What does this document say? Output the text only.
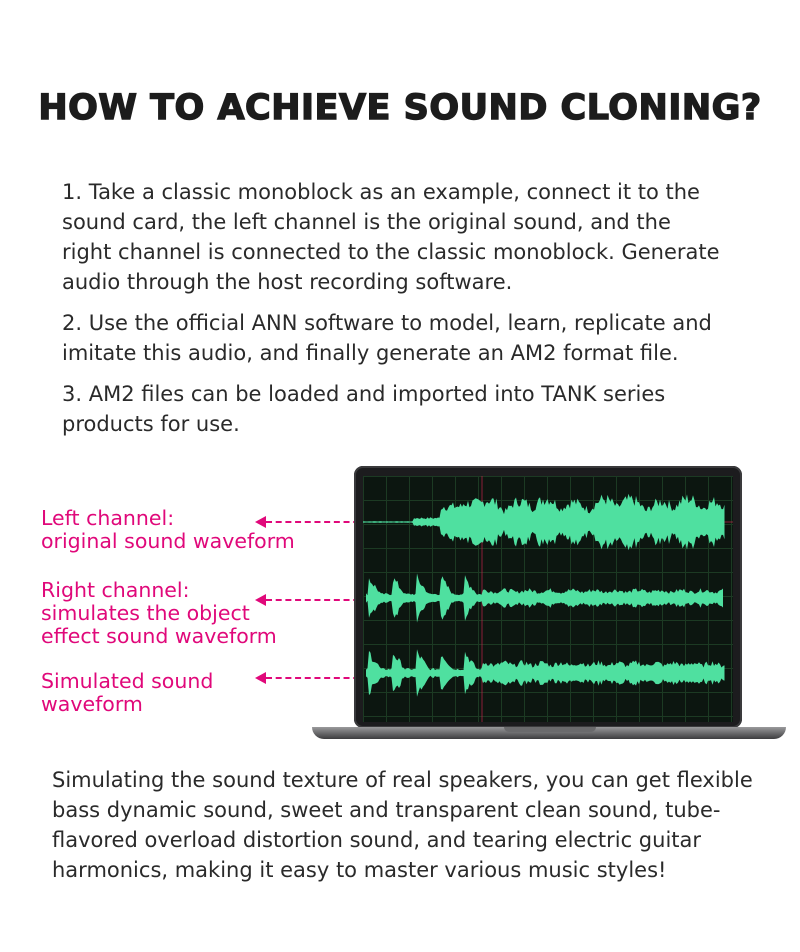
HOW TO ACHIEVE SOUND CLONING?

1. Take a classic monoblock as an example, connect it to the sound card, the left channel is the original sound, and the right channel is connected to the classic monoblock. Generate audio through the host recording software.

2. Use the official ANN software to model, learn, replicate and imitate this audio, and finally generate an AM2 format file.

3. AM2 files can be loaded and imported into TANK series products for use.

Left channel:
original sound waveform
Right channel:
simulates the object
effect sound waveform
Simulated sound
waveform
Simulating the sound texture of real speakers, you can get flexible bass dynamic sound, sweet and transparent clean sound, tube-flavored overload distortion sound, and tearing electric guitar harmonics, making it easy to master various music styles!
